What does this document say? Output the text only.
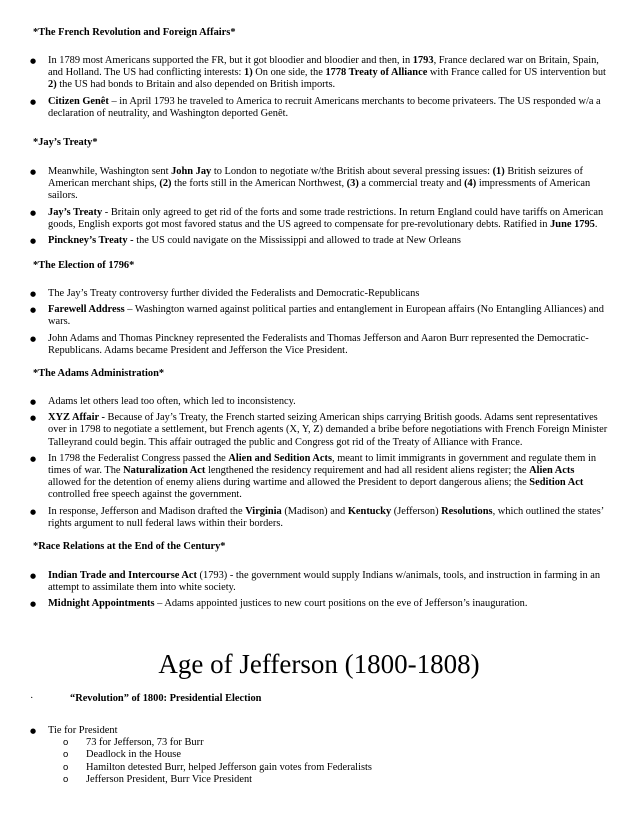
*The French Revolution and Foreign Affairs*
● In 1789 most Americans supported the FR, but it got bloodier and bloodier and then, in 1793, France declared war on Britain, Spain, and Holland. The US had conflicting interests: 1) On one side, the 1778 Treaty of Alliance with France called for US intervention but 2) the US had bonds to Britain and also depended on British imports.
● Citizen Genêt – in April 1793 he traveled to America to recruit Americans merchants to become privateers. The US responded w/a a declaration of neutrality, and Washington deported Genêt.
*Jay’s Treaty*
● Meanwhile, Washington sent John Jay to London to negotiate w/the British about several pressing issues: (1) British seizures of American merchant ships, (2) the forts still in the American Northwest, (3) a commercial treaty and (4) impressments of American sailors.
● Jay’s Treaty - Britain only agreed to get rid of the forts and some trade restrictions. In return England could have tariffs on American goods, English exports got most favored status and the US agreed to compensate for pre-revolutionary debts. Ratified in June 1795.
● Pinckney’s Treaty - the US could navigate on the Mississippi and allowed to trade at New Orleans
*The Election of 1796*
● The Jay’s Treaty controversy further divided the Federalists and Democratic-Republicans
● Farewell Address – Washington warned against political parties and entanglement in European affairs (No Entangling Alliances) and wars.
● John Adams and Thomas Pinckney represented the Federalists and Thomas Jefferson and Aaron Burr represented the Democratic-Republicans. Adams became President and Jefferson the Vice President.
*The Adams Administration*
● Adams let others lead too often, which led to inconsistency.
● XYZ Affair - Because of Jay’s Treaty, the French started seizing American ships carrying British goods. Adams sent representatives over in 1798 to negotiate a settlement, but French agents (X, Y, Z) demanded a bribe before negotiations with French Foreign Minister Talleyrand could begin. This affair outraged the public and Congress got rid of the Treaty of Alliance with France.
● In 1798 the Federalist Congress passed the Alien and Sedition Acts, meant to limit immigrants in government and regulate them in times of war. The Naturalization Act lengthened the residency requirement and had all resident aliens register; the Alien Acts allowed for the detention of enemy aliens during wartime and allowed the President to deport dangerous aliens; the Sedition Act controlled free speech against the government.
● In response, Jefferson and Madison drafted the Virginia (Madison) and Kentucky (Jefferson) Resolutions, which outlined the states’ rights argument to null federal laws within their borders.
*Race Relations at the End of the Century*
● Indian Trade and Intercourse Act (1793) - the government would supply Indians w/animals, tools, and instruction in farming in an attempt to assimilate them into white society.
● Midnight Appointments – Adams appointed justices to new court positions on the eve of Jefferson’s inauguration.
Age of Jefferson (1800-1808)
·	“Revolution” of 1800: Presidential Election
● Tie for President
o 73 for Jefferson, 73 for Burr
o Deadlock in the House
o Hamilton detested Burr, helped Jefferson gain votes from Federalists
o Jefferson President, Burr Vice President
